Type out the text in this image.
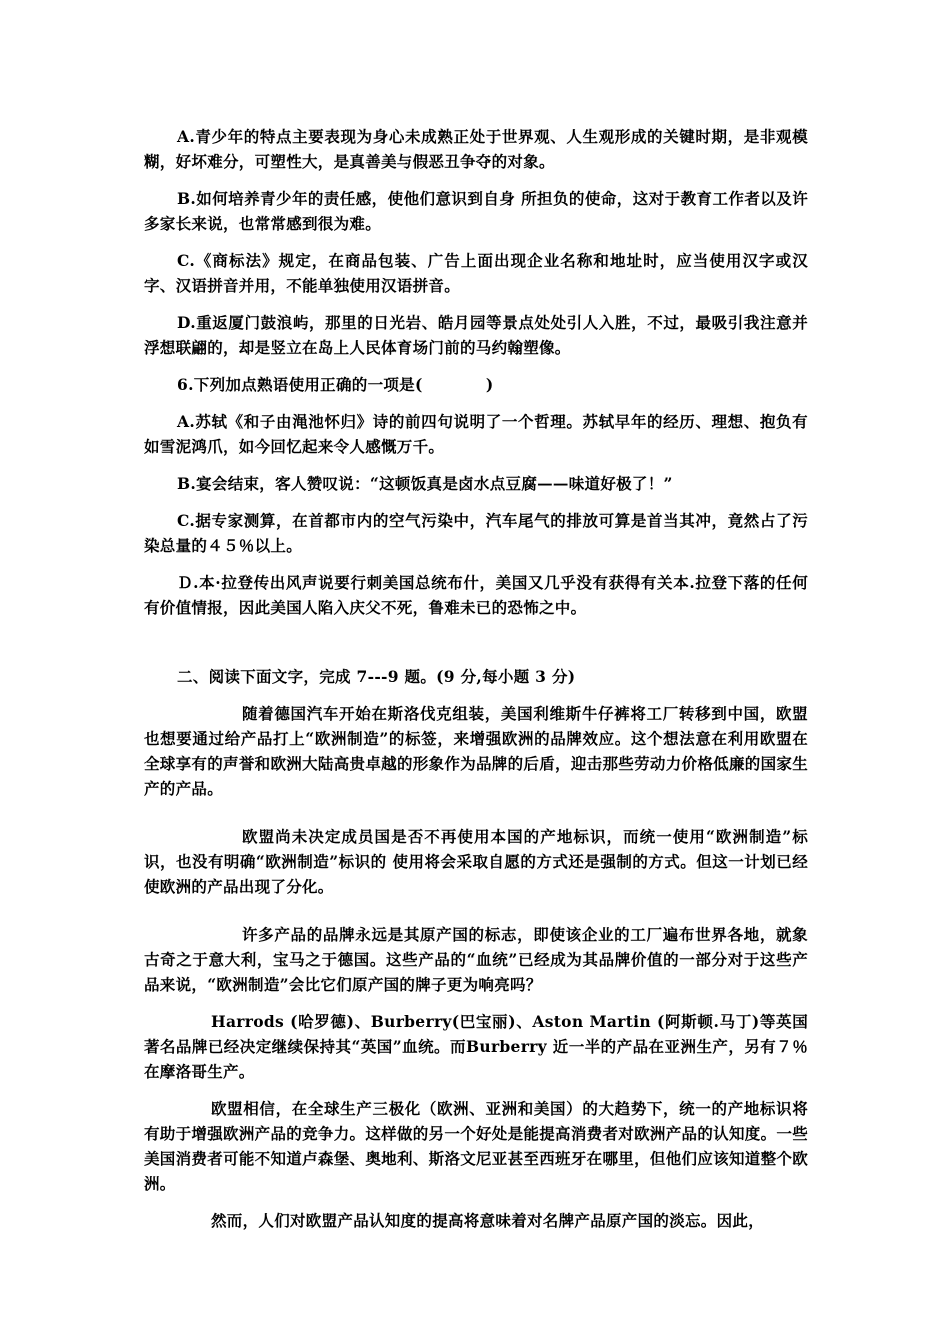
A.青少年的特点主要表现为身心未成熟正处于世界观、人生观形成的关键时期，是非观模糊，好坏难分，可塑性大，是真善美与假恶丑争夺的对象。

B.如何培养青少年的责任感，使他们意识到自身 所担负的使命，这对于教育工作者以及许多家长来说，也常常感到很为难。

C.《商标法》规定，在商品包装、广告上面出现企业名称和地址时，应当使用汉字或汉字、汉语拼音并用，不能单独使用汉语拼音。

D.重返厦门鼓浪屿，那里的日光岩、皓月园等景点处处引人入胜，不过，最吸引我注意并浮想联翩的，却是竖立在岛上人民体育场门前的马约翰塑像。

6.下列加点熟语使用正确的一项是(　　　　)

A.苏轼《和子由渑池怀归》诗的前四句说明了一个哲理。苏轼早年的经历、理想、抱负有如雪泥鸿爪，如今回忆起来令人感慨万千。

B.宴会结束，客人赞叹说：“这顿饭真是卤水点豆腐——味道好极了！”

C.据专家测算，在首都市内的空气污染中，汽车尾气的排放可算是首当其冲，竟然占了污染总量的４５％以上。

Ｄ.本·拉登传出风声说要行刺美国总统布什，美国又几乎没有获得有关本.拉登下落的任何有价值情报，因此美国人陷入庆父不死，鲁难未已的恐怖之中。

二、阅读下面文字，完成 7---9 题。(9 分,每小题 3 分)

随着德国汽车开始在斯洛伐克组装，美国利维斯牛仔裤将工厂转移到中国，欧盟也想要通过给产品打上“欧洲制造”的标签，来增强欧洲的品牌效应。这个想法意在利用欧盟在全球享有的声誉和欧洲大陆高贵卓越的形象作为品牌的后盾，迎击那些劳动力价格低廉的国家生产的产品。

欧盟尚未决定成员国是否不再使用本国的产地标识，而统一使用“欧洲制造”标识，也没有明确“欧洲制造”标识的 使用将会采取自愿的方式还是强制的方式。但这一计划已经使欧洲的产品出现了分化。

许多产品的品牌永远是其原产国的标志，即使该企业的工厂遍布世界各地，就象古奇之于意大利，宝马之于德国。这些产品的“血统”已经成为其品牌价值的一部分对于这些产品来说，“欧洲制造”会比它们原产国的牌子更为响亮吗？

Harrods (哈罗德)、Burberry(巴宝丽)、Aston Martin (阿斯顿.马丁)等英国著名品牌已经决定继续保持其“英国”血统。而Burberry 近一半的产品在亚洲生产，另有７％在摩洛哥生产。

欧盟相信，在全球生产三极化（欧洲、亚洲和美国）的大趋势下，统一的产地标识将有助于增强欧洲产品的竞争力。这样做的另一个好处是能提高消费者对欧洲产品的认知度。一些美国消费者可能不知道卢森堡、奥地利、斯洛文尼亚甚至西班牙在哪里，但他们应该知道整个欧洲。

然而，人们对欧盟产品认知度的提高将意味着对名牌产品原产国的淡忘。因此，
